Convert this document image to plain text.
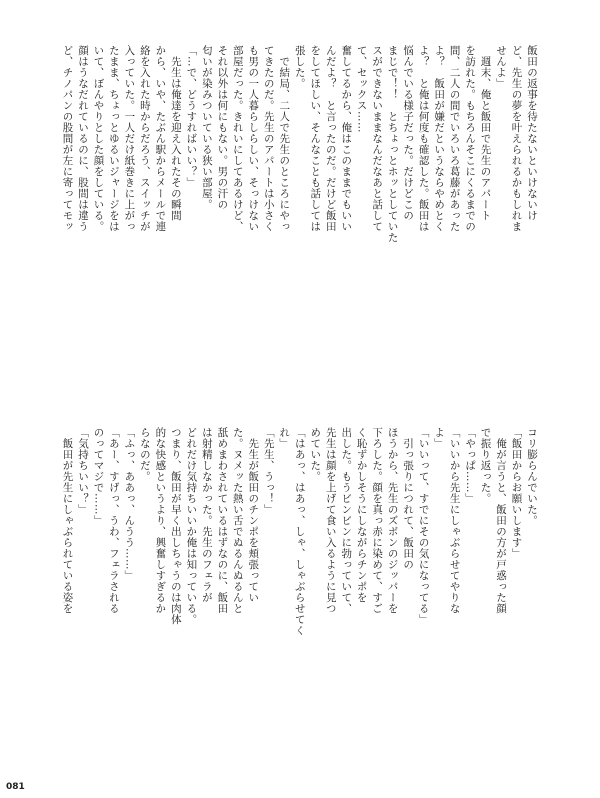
飯田の返事を待たないといけないけ
ど、先生の夢を叶えられるかもしれま
せんよ」
　週末、俺と飯田で先生のアパート
を訪れた。もちろんそこにくるまでの
間、二人の間でいろいろ葛藤があった
よ？　飯田が嫌だというならやめとく
よ？　と俺は何度も確認した。飯田は
悩んでいる様子だった。だけどこの
まじで！！　とちょっとホッとしていた
スができないままなんだなあと話して
て、セックス……
奮してるから、俺はこのままでもいい
んだよ？　と言ったのだ。だけど飯田
をしてほしい、そんなことも話しては
張した。
　で結局、二人で先生のところにやっ
てきたのだ。先生のアパートは小さく
も男の一人暮らしらしい、そっけない
部屋だった。きれいにしてあるけど、
それ以外は何にもない。男の汗の
匂いが染みついている狭い部屋。
「…で、どうすればいい？」
　先生は俺達を迎え入れたその瞬間
から、いや、たぶん駅からメールで連
絡を入れた時からだろう、スイッチが
入っていた。一人だけ紙巻きに上がっ
たまま、ちょっとゆるいジャージをは
いて、ぼんやりとした顔をしている。
顔はうなだれているのに、股間は違う
ど、チノパンの股間が左に寄ってモッ
コリ膨らんでいた。
「飯田からお願いします」
　俺が言うと、飯田の方が戸惑った顔
で振り返った。
「やっぱ……」
「いいから先生にしゃぶらせてやりな
よ」
「いいって、すでにその気になってる」
　引っ張りにつれて、飯田の
ほうから、先生のズボンのジッパーを
下ろした。顔を真っ赤に染めて、すご
く恥ずかしそうにしながらチンポを
出した。もうビンビンに勃っていて、
先生は顔を上げて食い入るように見つ
めていた。
「はあっ、はあっ、しゃ、しゃぶらせてく
れ」
「先生、うっ！」
　先生が飯田のチンポを頬張ってい
た。ヌメッた熱い舌でぬるんぬるんと
舐めまわされているはずなのに、飯田
は射精しなかった。先生のフェラが
どれだけ気持ちいいか俺は知っている。
つまり、飯田が早く出しちゃうのは肉体
的な快感というより、興奮しすぎるか
らなのだ。
「ふっ、ああっ、んうう……」
「あー、すげっ、うわ、フェラされる
のってマジで……」
「気持ちいい？」
　飯田が先生にしゃぶられている姿を
081
